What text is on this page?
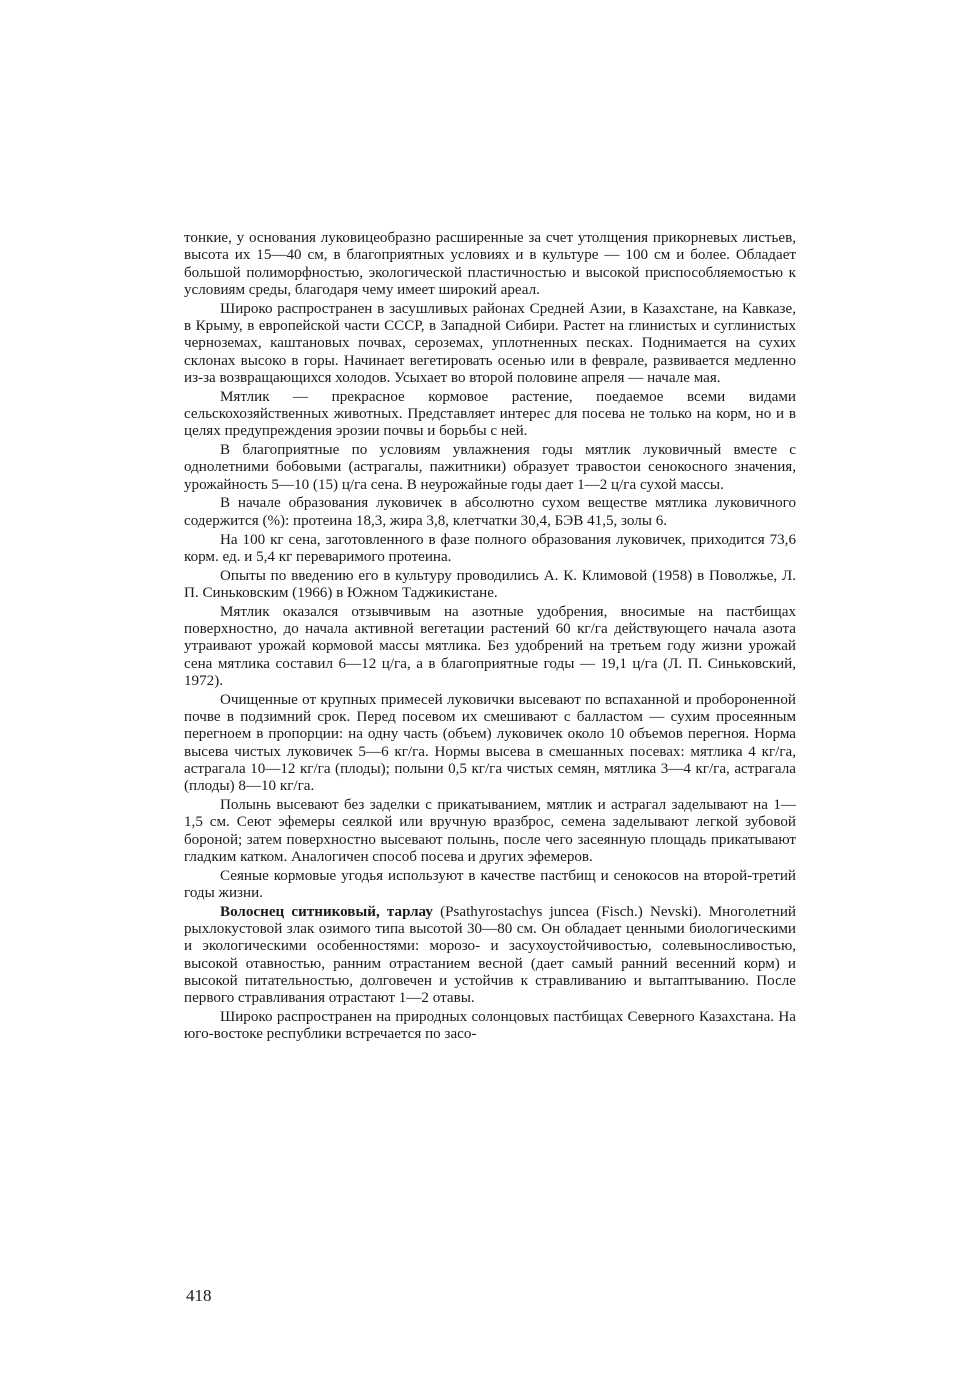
тонкие, у основания луковицеобразно расширенные за счет утолщения прикорневых листьев, высота их 15—40 см, в благоприятных условиях и в культуре — 100 см и более. Обладает большой полиморфностью, экологической пластичностью и высокой приспособляемостью к условиям среды, благодаря чему имеет широкий ареал.

Широко распространен в засушливых районах Средней Азии, в Казахстане, на Кавказе, в Крыму, в европейской части СССР, в Западной Сибири. Растет на глинистых и суглинистых черноземах, каштановых почвах, сероземах, уплотненных песках. Поднимается на сухих склонах высоко в горы. Начинает вегетировать осенью или в феврале, развивается медленно из-за возвращающихся холодов. Усыхает во второй половине апреля — начале мая.

Мятлик — прекрасное кормовое растение, поедаемое всеми видами сельскохозяйственных животных. Представляет интерес для посева не только на корм, но и в целях предупреждения эрозии почвы и борьбы с ней.

В благоприятные по условиям увлажнения годы мятлик луковичный вместе с однолетними бобовыми (астрагалы, пажитники) образует травостои сенокосного значения, урожайность 5—10 (15) ц/га сена. В неурожайные годы дает 1—2 ц/га сухой массы.

В начале образования луковичек в абсолютно сухом веществе мятлика луковичного содержится (%): протеина 18,3, жира 3,8, клетчатки 30,4, БЭВ 41,5, золы 6.

На 100 кг сена, заготовленного в фазе полного образования луковичек, приходится 73,6 корм. ед. и 5,4 кг переваримого протеина.

Опыты по введению его в культуру проводились А. К. Климовой (1958) в Поволжье, Л. П. Синьковским (1966) в Южном Таджикистане.

Мятлик оказался отзывчивым на азотные удобрения, вносимые на пастбищах поверхностно, до начала активной вегетации растений 60 кг/га действующего начала азота утраивают урожай кормовой массы мятлика. Без удобрений на третьем году жизни урожай сена мятлика составил 6—12 ц/га, а в благоприятные годы — 19,1 ц/га (Л. П. Синьковский, 1972).

Очищенные от крупных примесей луковички высевают по вспаханной и пробороненной почве в подзимний срок. Перед посевом их смешивают с балластом — сухим просеянным перегноем в пропорции: на одну часть (объем) луковичек около 10 объемов перегноя. Норма высева чистых луковичек 5—6 кг/га. Нормы высева в смешанных посевах: мятлика 4 кг/га, астрагала 10—12 кг/га (плоды); полыни 0,5 кг/га чистых семян, мятлика 3—4 кг/га, астрагала (плоды) 8—10 кг/га.

Полынь высевают без заделки с прикатыванием, мятлик и астрагал заделывают на 1—1,5 см. Сеют эфемеры сеялкой или вручную вразброс, семена заделывают легкой зубовой бороной; затем поверхностно высевают полынь, после чего засеянную площадь прикатывают гладким катком. Аналогичен способ посева и других эфемеров.

Сеяные кормовые угодья используют в качестве пастбищ и сенокосов на второй-третий годы жизни.

Волоснец ситниковый, тарлау (Psathyrostachys juncea (Fisch.) Nevski). Многолетний рыхлокустовой злак озимого типа высотой 30—80 см. Он обладает ценными биологическими и экологическими особенностями: морозо- и засухоустойчивостью, солевыносливостью, высокой отавностью, ранним отрастанием весной (дает самый ранний весенний корм) и высокой питательностью, долговечен и устойчив к стравливанию и вытаптыванию. После первого стравливания отрастают 1—2 отавы.

Широко распространен на природных солонцовых пастбищах Северного Казахстана. На юго-востоке республики встречается по засо-

418
